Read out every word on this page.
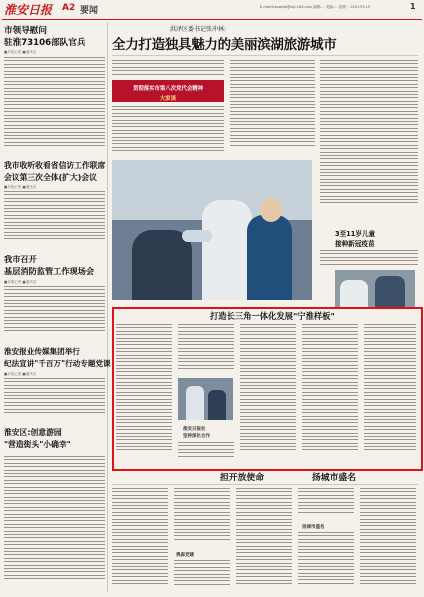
淮安日报	A2 要闻	E-mail:haxwbjb@vip.163.com 编辑:… 美编:… 星期一 2021年11月	1
市领导慰问
驻淮73106部队官兵
■本报记者 ■通讯员
我市收听收看省信访工作联席
会议第三次全体(扩大)会议
■本报记者 ■通讯员
我市召开
基层消防监管工作现场会
■本报记者 ■通讯员
淮安报业传媒集团举行
纪法宣讲"千百万"行动专题党课
■本报记者 ■通讯员
淮安区:创意游园
"营造街头"小确幸"
洪泽区委书记张冲林:
全力打造独具魅力的美丽滨湖旅游城市
贯彻落实市第八次党代会精神
大家谈
3至11岁儿童
接种新冠疫苗
打造长三角一体化发展"宁淮样板"
淮安日报社
坚持深化合作
担开放使命	扬城市盛名
奥森党建
扬城市盛名
